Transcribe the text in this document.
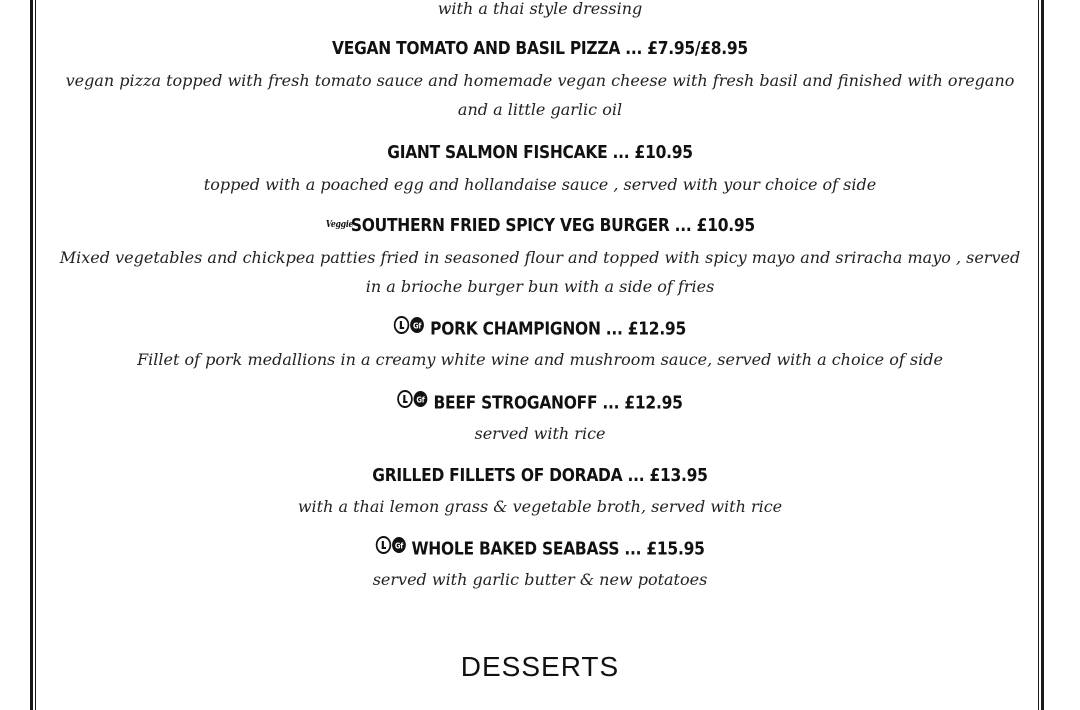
with a thai style dressing
VEGAN TOMATO AND BASIL PIZZA ... £7.95/£8.95
vegan pizza topped with fresh tomato sauce and homemade vegan cheese with fresh basil and finished with oregano
and a little garlic oil
GIANT SALMON FISHCAKE ... £10.95
topped with a poached egg and hollandaise sauce , served with your choice of side
Veggie
SOUTHERN FRIED SPICY VEG BURGER ... £10.95
Mixed vegetables and chickpea patties fried in seasoned flour and topped with spicy mayo and sriracha mayo , served
in a brioche burger bun with a side of fries
Gf PORK CHAMPIGNON ... £12.95
Fillet of pork medallions in a creamy white wine and mushroom sauce, served with a choice of side
Gf BEEF STROGANOFF ... £12.95
served with rice
GRILLED FILLETS OF DORADA ... £13.95
with a thai lemon grass & vegetable broth, served with rice
Gf WHOLE BAKED SEABASS ... £15.95
served with garlic butter & new potatoes
DESSERTS
